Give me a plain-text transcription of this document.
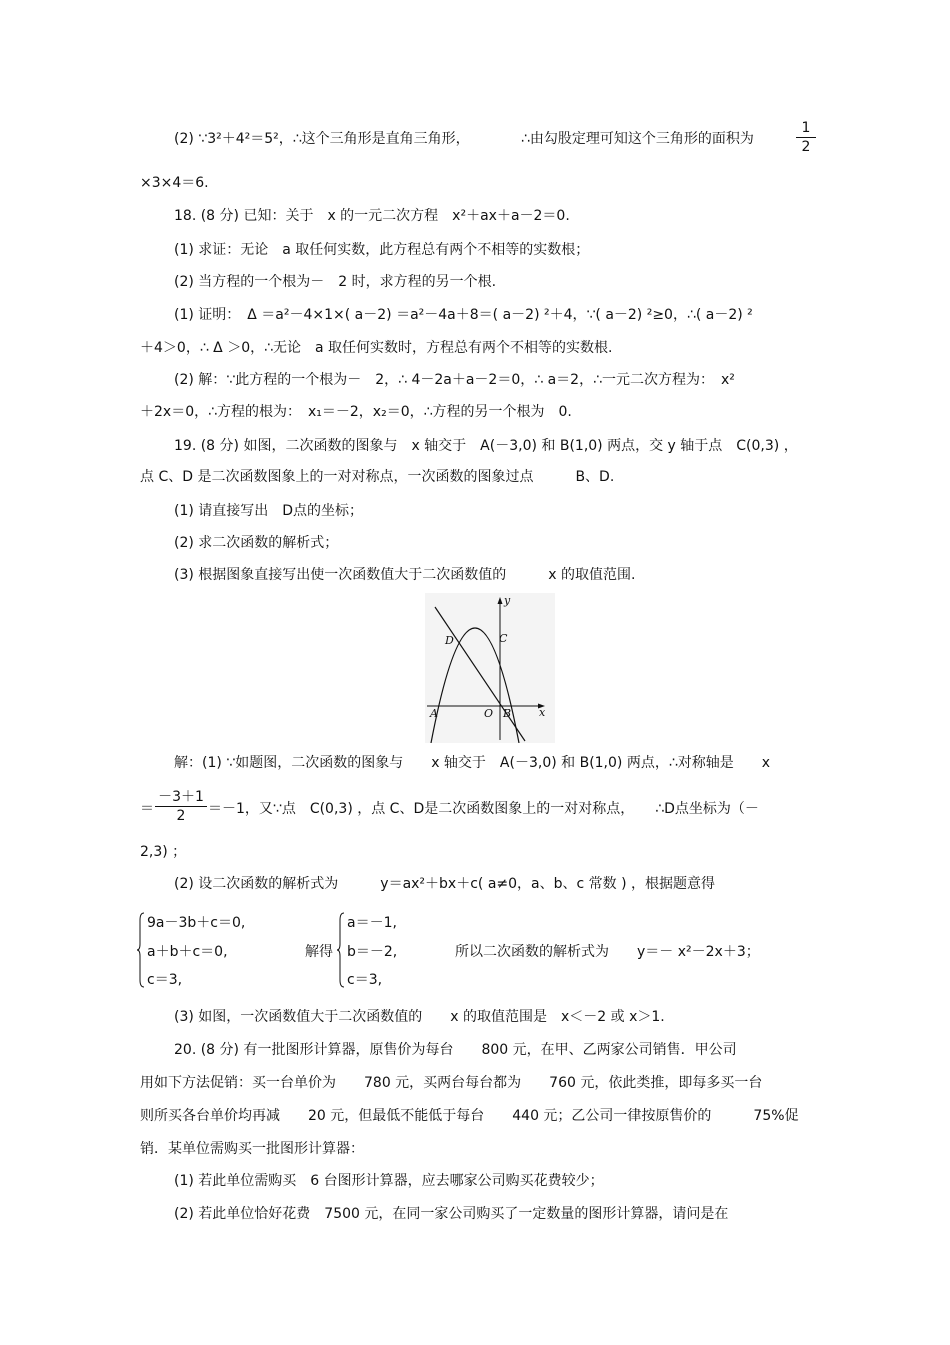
(2) ∵3²＋4²＝5²，∴这个三角形是直角三角形，	∴由勾股定理可知这个三角形的面积为	$\frac{1}{2}$
×3×4＝6.
18. (8 分) 已知：关于　x 的一元二次方程　x²＋ax＋a－2＝0.
(1) 求证：无论　a 取任何实数，此方程总有两个不相等的实数根；
(2) 当方程的一个根为－　2 时，求方程的另一个根.
(1) 证明：　Δ ＝a²－4×1×( a－2) ＝a²－4a＋8＝( a－2) ²＋4，∵( a－2) ²≥0，∴( a－2) ²
＋4＞0，∴ Δ ＞0，∴无论　a 取任何实数时，方程总有两个不相等的实数根.
(2) 解：∵此方程的一个根为－　2，∴ 4－2a＋a－2＝0，∴ a＝2，∴一元二次方程为：　x²
＋2x＝0，∴方程的根为：　x₁＝－2，x₂＝0，∴方程的另一个根为　0.
19. (8 分) 如图，二次函数的图象与　x 轴交于　A(－3,0) 和 B(1,0) 两点，交 y 轴于点　C(0,3) ，
点 C、D 是二次函数图象上的一对对称点，一次函数的图象过点　　　B、D.
(1) 请直接写出　D点的坐标；
(2) 求二次函数的解析式；
(3) 根据图象直接写出使一次函数值大于二次函数值的　　　x 的取值范围.
y
x
D	C
A	O B
解：(1) ∵如题图，二次函数的图象与　　x 轴交于　A(－3,0) 和 B(1,0) 两点，∴对称轴是　　x
＝ $\frac{-3+1}{2} =-1$，又∵点　C(0,3) ，点 C、D是二次函数图象上的一对对称点，　　∴D点坐标为（－
2,3) ；
(2) 设二次函数的解析式为　　　y＝ax²＋bx＋c( a≠0，a、b、c 常数 ) ，根据题意得
9a－3b＋c＝0,
a＋b＋c＝0,
c＝3,
解得
a＝－1,
b＝－2,
c＝3,
所以二次函数的解析式为　　y＝－ x²－2x＋3；
(3) 如图，一次函数值大于二次函数值的　　x 的取值范围是　x＜－2 或 x＞1.
20. (8 分) 有一批图形计算器，原售价为每台　　800 元，在甲、乙两家公司销售．甲公司
用如下方法促销：买一台单价为　　780 元，买两台每台都为　　760 元，依此类推，即每多买一台
则所买各台单价均再减　　20 元，但最低不能低于每台　　440 元；乙公司一律按原售价的　　　75%促
销．某单位需购买一批图形计算器：
(1) 若此单位需购买　6 台图形计算器，应去哪家公司购买花费较少；
(2) 若此单位恰好花费　7500 元，在同一家公司购买了一定数量的图形计算器，请问是在
